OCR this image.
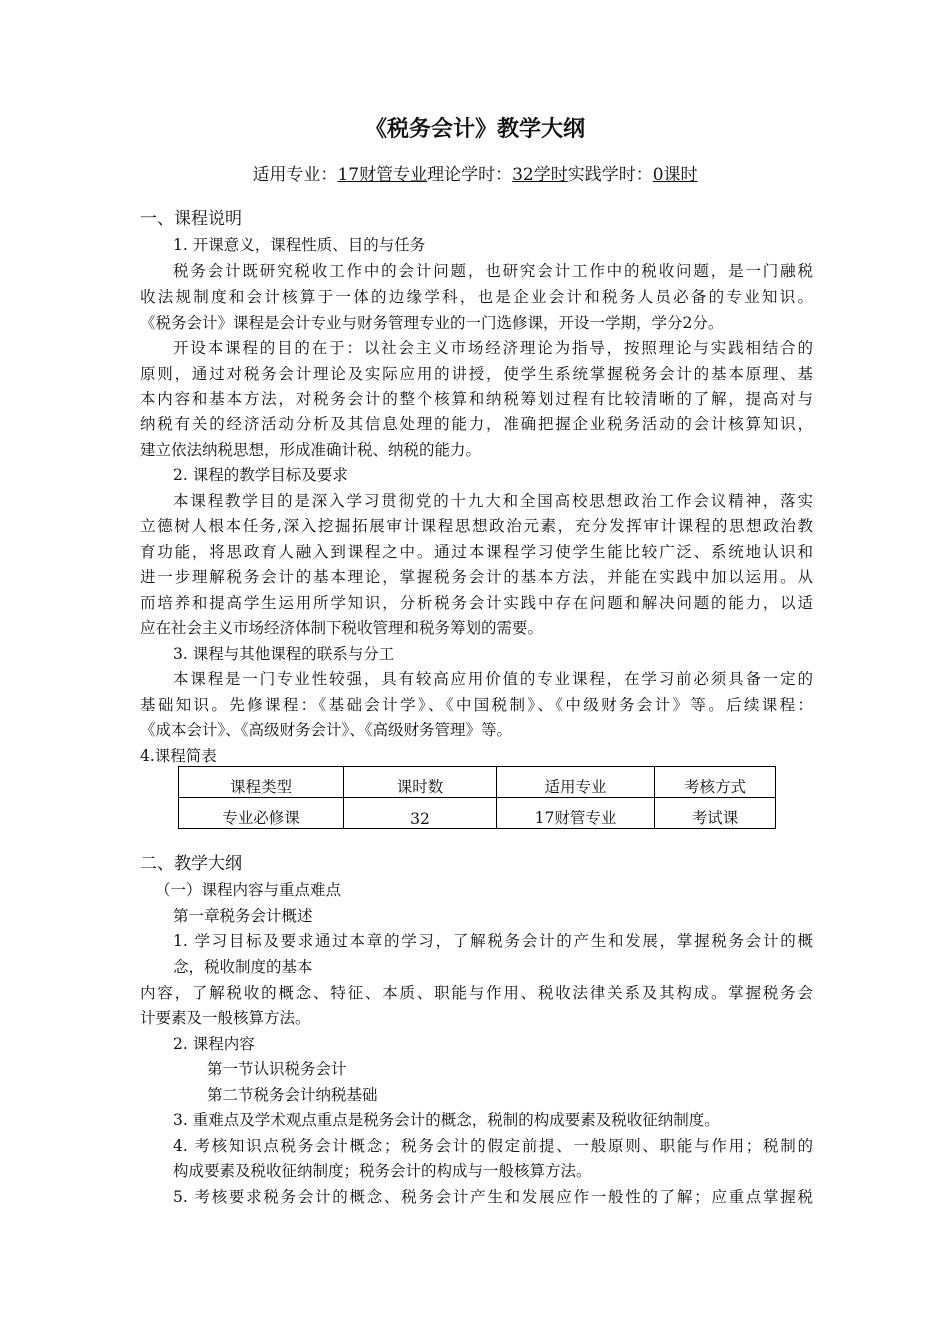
《税务会计》教学大纲
适用专业：17财管专业理论学时：32学时实践学时：0课时
一、课程说明
1. 开课意义，课程性质、目的与任务
税务会计既研究税收工作中的会计问题，也研究会计工作中的税收问题，是一门融税
收法规制度和会计核算于一体的边缘学科，也是企业会计和税务人员必备的专业知识。
《税务会计》课程是会计专业与财务管理专业的一门选修课，开设一学期，学分2分。
开设本课程的目的在于：以社会主义市场经济理论为指导，按照理论与实践相结合的
原则，通过对税务会计理论及实际应用的讲授，使学生系统掌握税务会计的基本原理、基
本内容和基本方法，对税务会计的整个核算和纳税筹划过程有比较清晰的了解，提高对与
纳税有关的经济活动分析及其信息处理的能力，准确把握企业税务活动的会计核算知识，
建立依法纳税思想，形成准确计税、纳税的能力。
2. 课程的教学目标及要求
本课程教学目的是深入学习贯彻党的十九大和全国高校思想政治工作会议精神，落实
立德树人根本任务,深入挖掘拓展审计课程思想政治元素，充分发挥审计课程的思想政治教
育功能，将思政育人融入到课程之中。通过本课程学习使学生能比较广泛、系统地认识和
进一步理解税务会计的基本理论，掌握税务会计的基本方法，并能在实践中加以运用。从
而培养和提高学生运用所学知识，分析税务会计实践中存在问题和解决问题的能力，以适
应在社会主义市场经济体制下税收管理和税务筹划的需要。
3. 课程与其他课程的联系与分工
本课程是一门专业性较强，具有较高应用价值的专业课程，在学习前必须具备一定的
基础知识。先修课程：《基础会计学》、《中国税制》、《中级财务会计》等。后续课程：
《成本会计》、《高级财务会计》、《高级财务管理》等。
4.课程简表
课程类型	课时数	适用专业	考核方式
专业必修课	32	17财管专业	考试课
二、教学大纲
（一）课程内容与重点难点
第一章税务会计概述
1. 学习目标及要求通过本章的学习，了解税务会计的产生和发展，掌握税务会计的概
念，税收制度的基本
内容，了解税收的概念、特征、本质、职能与作用、税收法律关系及其构成。掌握税务会
计要素及一般核算方法。
2. 课程内容
第一节认识税务会计
第二节税务会计纳税基础
3. 重难点及学术观点重点是税务会计的概念，税制的构成要素及税收征纳制度。
4. 考核知识点税务会计概念；税务会计的假定前提、一般原则、职能与作用；税制的
构成要素及税收征纳制度；税务会计的构成与一般核算方法。
5. 考核要求税务会计的概念、税务会计产生和发展应作一般性的了解；应重点掌握税
